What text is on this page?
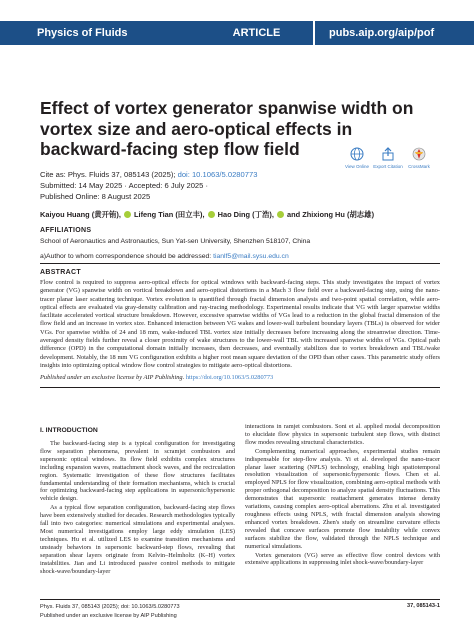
Physics of Fluids	ARTICLE	pubs.aip.org/aip/pof
Effect of vortex generator spanwise width on vortex size and aero-optical effects in backward-facing step flow field
Cite as: Phys. Fluids 37, 085143 (2025); doi: 10.1063/5.0280773
Submitted: 14 May 2025 · Accepted: 6 July 2025 ·
Published Online: 8 August 2025
View Online Export Citation	CrossMark
Kaiyou Huang (黄开铕), Lifeng Tian (田立丰), Hao Ding (丁浩), and Zhixiong Hu (胡志雄)
AFFILIATIONS
School of Aeronautics and Astronautics, Sun Yat-sen University, Shenzhen 518107, China
a)Author to whom correspondence should be addressed: tianlf5@mail.sysu.edu.cn
ABSTRACT
Flow control is required to suppress aero-optical effects for optical windows with backward-facing steps. This study investigates the impact of vortex generator (VG) spanwise width on vortical breakdown and aero-optical distortions in a Mach 3 flow field over a backward-facing step, using the nano-tracer planar laser scattering technique. Vortex evolution is quantified through fractal dimension analysis and two-point spatial correlation, while aero-optical effects are evaluated via gray-density calibration and ray-tracing methodology. Experimental results indicate that VG with larger spanwise widths facilitate accelerated vortical structure breakdown. However, excessive spanwise widths of VGs lead to a reduction in the global fractal dimension of the flow field and an increase in vortex size. Enhanced interaction between VG wakes and lower-wall turbulent boundary layers (TBLs) is observed for wider VGs. For spanwise widths of 24 and 18 mm, wake-induced TBL vortex size initially decreases before increasing along the streamwise direction. Time-averaged density fields further reveal a closer proximity of wake structures to the lower-wall TBL with increased spanwise widths of VGs. Optical path difference (OPD) in the computational domain initially increases, then decreases, and eventually stabilizes due to vortex breakdown and TBL/wake development. Notably, the 18 mm VG configuration exhibits a higher root mean square deviation of the OPD than other cases. This parametric study offers insights into optimizing optical window flow control strategies to mitigate aero-optical distortions.
Published under an exclusive license by AIP Publishing. https://doi.org/10.1063/5.0280773
I. INTRODUCTION

The backward-facing step is a typical configuration for investigating flow separation phenomena, prevalent in scramjet combustors and supersonic optical windows. Its flow field exhibits complex structures including expansion waves, reattachment shock waves, and the recirculation region. Systematic investigation of these flow structures facilitates fundamental understanding of their formation mechanisms, which is crucial for optimizing backward-facing step applications in supersonic/hypersonic vehicle design.

As a typical flow separation configuration, backward-facing step flows have been extensively studied for decades. Research methodologies typically fall into two categories: numerical simulations and experimental analyses. Most numerical investigations employ large eddy simulation (LES) techniques. Hu et al. utilized LES to examine transition mechanisms and unsteady behaviors in supersonic backward-step flows, revealing that separation shear layers originate from Kelvin–Helmholtz (K–H) vortex instabilities. Jian and Li introduced passive control methods to mitigate shock-wave/boundary-layer

interactions in ramjet combustors. Soni et al. applied modal decomposition to elucidate flow physics in supersonic turbulent step flows, with distinct flow modes revealing structural characteristics.

Complementing numerical approaches, experimental studies remain indispensable for step-flow analysis. Yi et al. developed the nano-tracer planar laser scattering (NPLS) technology, enabling high spatiotemporal resolution visualization of supersonic/hypersonic flows. Chen et al. employed NPLS for flow visualization, combining aero-optical methods with proper orthogonal decomposition to analyze spatial density fluctuations. This demonstrates that supersonic reattachment generates intense density variations, causing complex aero-optical aberrations. Zhu et al. investigated roughness effects using NPLS, with fractal dimension analysis showing enhanced vortex breakdown. Zhen's study on streamline curvature effects revealed that concave surfaces promote flow instability while convex surfaces stabilize the flow, validated through the NPLS technique and numerical simulations.

Vortex generators (VG) serve as effective flow control devices with extensive applications in suppressing inlet shock-wave/boundary-layer

Phys. Fluids 37, 085143 (2025); doi: 10.1063/5.0280773
Published under an exclusive license by AIP Publishing
37, 085143-1
